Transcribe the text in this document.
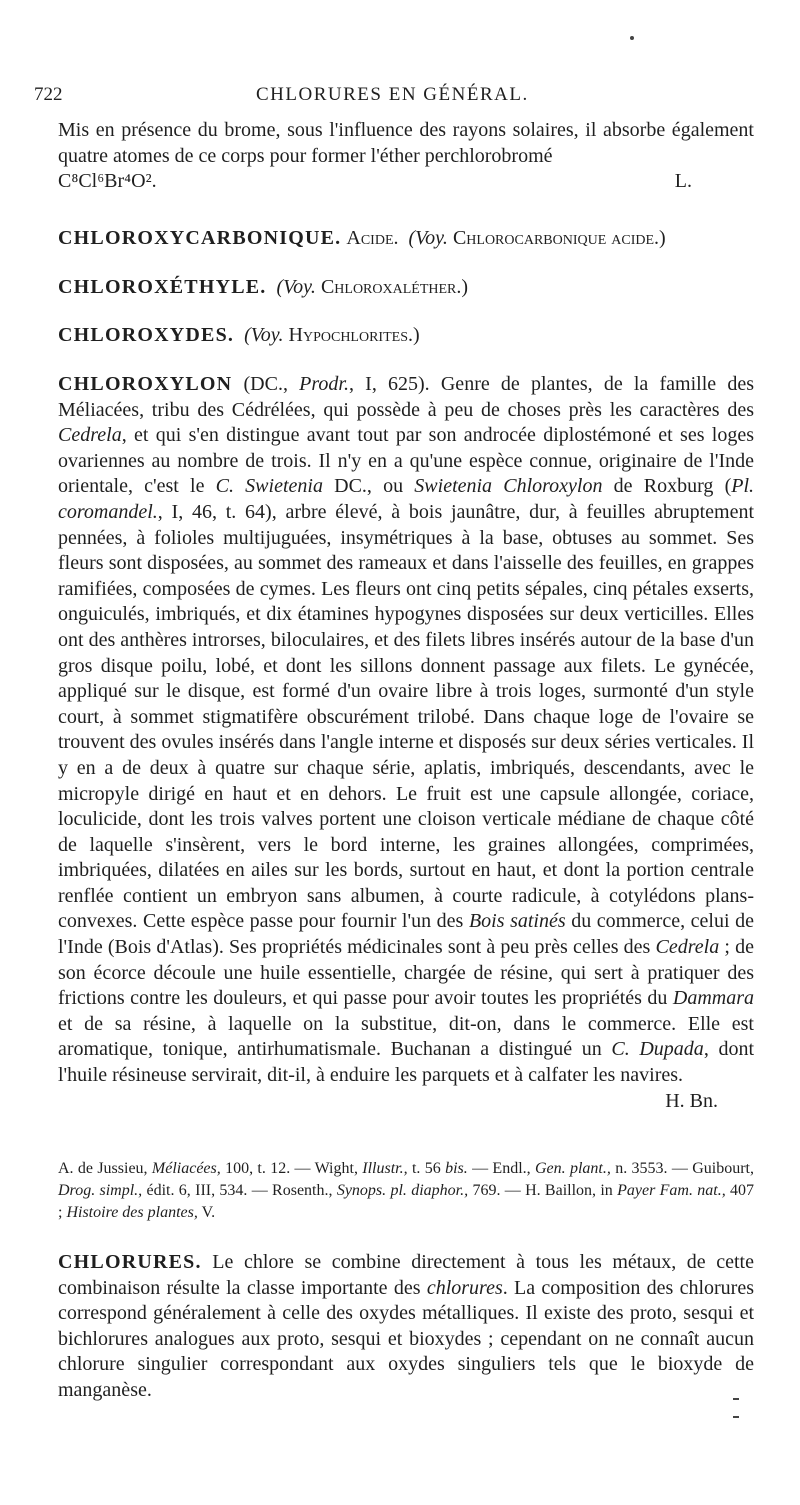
722	CHLORURES EN GÉNÉRAL.
Mis en présence du brome, sous l'influence des rayons solaires, il absorbe également quatre atomes de ce corps pour former l'éther perchlorobromé
C⁸Cl⁶Br⁴O².	L.
CHLOROXYCARBONIQUE. Acide. (Voy. Chlorocarbonique acide.)
CHLOROXÉTHYLE. (Voy. Chloroxaléther.)
CHLOROXYDES. (Voy. Hypochlorites.)
CHLOROXYLON (DC., Prodr., I, 625). Genre de plantes, de la famille des Méliacées, tribu des Cédrélées, qui possède à peu de choses près les caractères des Cedrela, et qui s'en distingue avant tout par son androcée diplostémoné et ses loges ovariennes au nombre de trois. Il n'y en a qu'une espèce connue, originaire de l'Inde orientale, c'est le C. Swietenia DC., ou Swietenia Chloroxylon de Roxburg (Pl. coromandel., I, 46, t. 64), arbre élevé, à bois jaunâtre, dur, à feuilles abruptement pennées, à folioles multijuguées, insymétriques à la base, obtuses au sommet. Ses fleurs sont disposées, au sommet des rameaux et dans l'aisselle des feuilles, en grappes ramifiées, composées de cymes. Les fleurs ont cinq petits sépales, cinq pétales exserts, onguiculés, imbriqués, et dix étamines hypogynes disposées sur deux verticilles. Elles ont des anthères introrses, biloculaires, et des filets libres insérés autour de la base d'un gros disque poilu, lobé, et dont les sillons donnent passage aux filets. Le gynécée, appliqué sur le disque, est formé d'un ovaire libre à trois loges, surmonté d'un style court, à sommet stigmatifère obscurément trilobé. Dans chaque loge de l'ovaire se trouvent des ovules insérés dans l'angle interne et disposés sur deux séries verticales. Il y en a de deux à quatre sur chaque série, aplatis, imbriqués, descendants, avec le micropyle dirigé en haut et en dehors. Le fruit est une capsule allongée, coriace, loculicide, dont les trois valves portent une cloison verticale médiane de chaque côté de laquelle s'insèrent, vers le bord interne, les graines allongées, comprimées, imbriquées, dilatées en ailes sur les bords, surtout en haut, et dont la portion centrale renflée contient un embryon sans albumen, à courte radicule, à cotylédons plans-convexes. Cette espèce passe pour fournir l'un des Bois satinés du commerce, celui de l'Inde (Bois d'Atlas). Ses propriétés médicinales sont à peu près celles des Cedrela ; de son écorce découle une huile essentielle, chargée de résine, qui sert à pratiquer des frictions contre les douleurs, et qui passe pour avoir toutes les propriétés du Dammara et de sa résine, à laquelle on la substitue, dit-on, dans le commerce. Elle est aromatique, tonique, antirhumatismale. Buchanan a distingué un C. Dupada, dont l'huile résineuse servirait, dit-il, à enduire les parquets et à calfater les navires.
H. Bn.
A. de Jussieu, Méliacées, 100, t. 12. — Wight, Illustr., t. 56 bis. — Endl., Gen. plant., n. 3553. — Guibourt, Drog. simpl., édit. 6, III, 534. — Rosenth., Synops. pl. diaphor., 769. — H. Baillon, in Payer Fam. nat., 407 ; Histoire des plantes, V.
CHLORURES. Le chlore se combine directement à tous les métaux, de cette combinaison résulte la classe importante des chlorures. La composition des chlorures correspond généralement à celle des oxydes métalliques. Il existe des proto, sesqui et bichlorures analogues aux proto, sesqui et bioxydes ; cependant on ne connaît aucun chlorure singulier correspondant aux oxydes singuliers tels que le bioxyde de manganèse.
